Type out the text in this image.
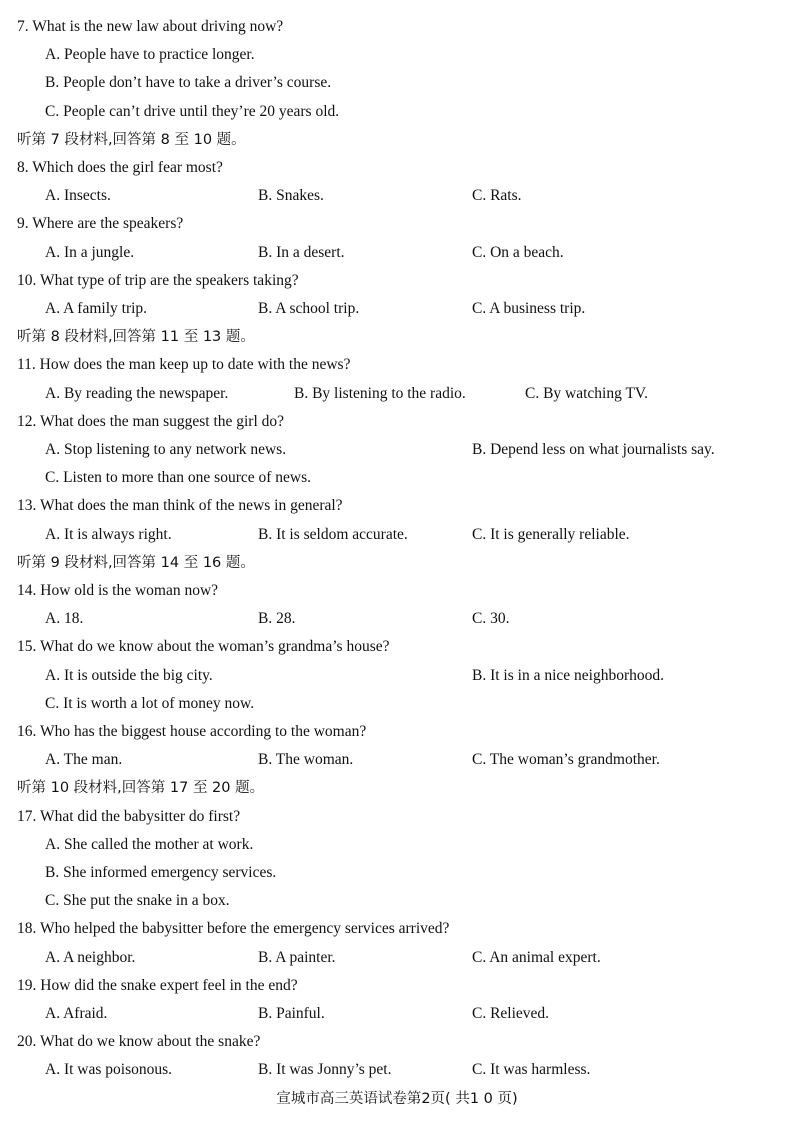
7. What is the new law about driving now?
A. People have to practice longer.
B. People don’t have to take a driver’s course.
C. People can’t drive until they’re 20 years old.
听第 7 段材料,回答第 8 至 10 题。
8. Which does the girl fear most?
A. Insects.	B. Snakes.	C. Rats.
9. Where are the speakers?
A. In a jungle.	B. In a desert.	C. On a beach.
10. What type of trip are the speakers taking?
A. A family trip.	B. A school trip.	C. A business trip.
听第 8 段材料,回答第 11 至 13 题。
11. How does the man keep up to date with the news?
A. By reading the newspaper.	B. By listening to the radio.	C. By watching TV.
12. What does the man suggest the girl do?
A. Stop listening to any network news.	B. Depend less on what journalists say.
C. Listen to more than one source of news.
13. What does the man think of the news in general?
A. It is always right.	B. It is seldom accurate.	C. It is generally reliable.
听第 9 段材料,回答第 14 至 16 题。
14. How old is the woman now?
A. 18.	B. 28.	C. 30.
15. What do we know about the woman’s grandma’s house?
A. It is outside the big city.	B. It is in a nice neighborhood.
C. It is worth a lot of money now.
16. Who has the biggest house according to the woman?
A. The man.	B. The woman.	C. The woman’s grandmother.
听第 10 段材料,回答第 17 至 20 题。
17. What did the babysitter do first?
A. She called the mother at work.
B. She informed emergency services.
C. She put the snake in a box.
18. Who helped the babysitter before the emergency services arrived?
A. A neighbor.	B. A painter.	C. An animal expert.
19. How did the snake expert feel in the end?
A. Afraid.	B. Painful.	C. Relieved.
20. What do we know about the snake?
A. It was poisonous.	B. It was Jonny’s pet.	C. It was harmless.
宣城市高三英语试卷第2页( 共1 0 页)
